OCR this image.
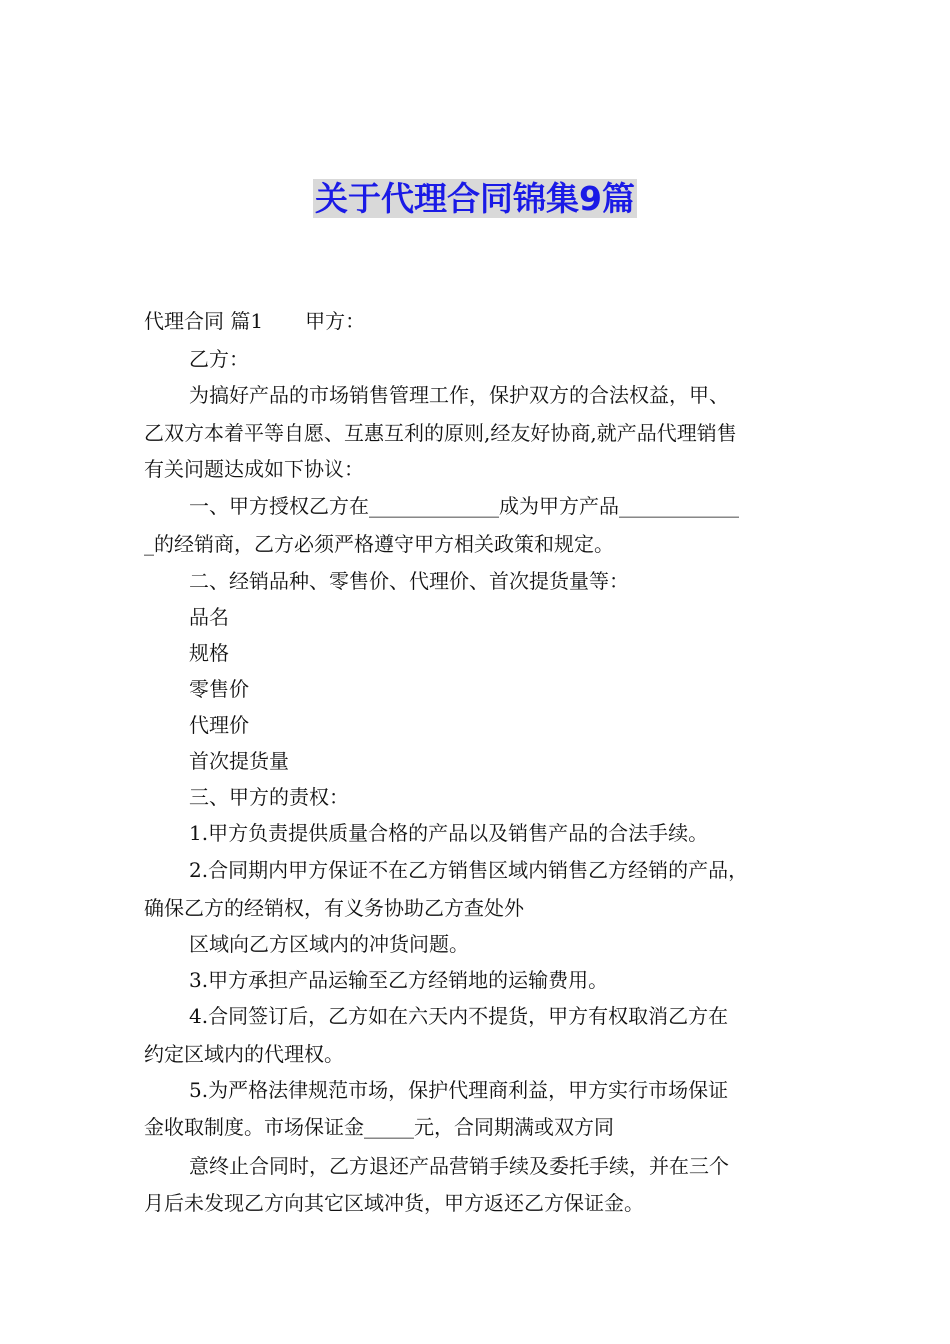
关于代理合同锦集9篇
代理合同 篇1 甲方：
乙方：
为搞好产品的市场销售管理工作，保护双方的合法权益，甲、
乙双方本着平等自愿、互惠互利的原则,经友好协商,就产品代理销售
有关问题达成如下协议：
一、甲方授权乙方在_____________成为甲方产品____________
_的经销商，乙方必须严格遵守甲方相关政策和规定。
二、经销品种、零售价、代理价、首次提货量等：
品名
规格
零售价
代理价
首次提货量
三、甲方的责权：
1.甲方负责提供质量合格的产品以及销售产品的合法手续。
2.合同期内甲方保证不在乙方销售区域内销售乙方经销的产品，
确保乙方的经销权，有义务协助乙方查处外
区域向乙方区域内的冲货问题。
3.甲方承担产品运输至乙方经销地的运输费用。
4.合同签订后，乙方如在六天内不提货，甲方有权取消乙方在
约定区域内的代理权。
5.为严格法律规范市场，保护代理商利益，甲方实行市场保证
金收取制度。市场保证金_____元，合同期满或双方同
意终止合同时，乙方退还产品营销手续及委托手续，并在三个
月后未发现乙方向其它区域冲货，甲方返还乙方保证金。
